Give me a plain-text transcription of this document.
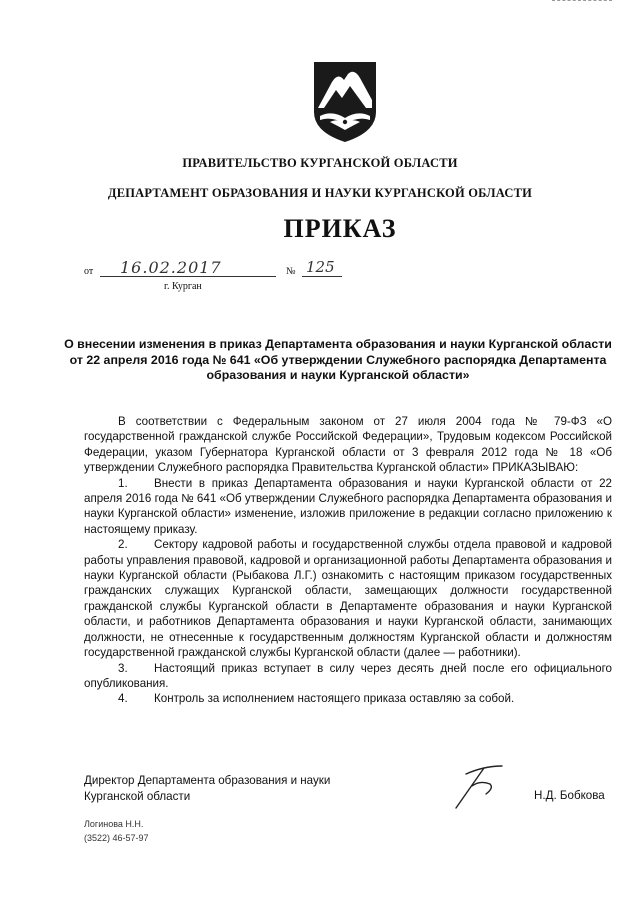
ПРАВИТЕЛЬСТВО КУРГАНСКОЙ ОБЛАСТИ
ДЕПАРТАМЕНТ ОБРАЗОВАНИЯ И НАУКИ КУРГАНСКОЙ ОБЛАСТИ
ПРИКАЗ
от 16.02.2017	№ 125
г. Курган
О внесении изменения в приказ Департамента образования и науки Курганской области от 22 апреля 2016 года № 641 «Об утверждении Служебного распорядка Департамента образования и науки Курганской области»

В соответствии с Федеральным законом от 27 июля 2004 года № 79-ФЗ «О государственной гражданской службе Российской Федерации», Трудовым кодексом Российской Федерации, указом Губернатора Курганской области от 3 февраля 2012 года № 18 «Об утверждении Служебного распорядка Правительства Курганской области» ПРИКАЗЫВАЮ:

1. Внести в приказ Департамента образования и науки Курганской области от 22 апреля 2016 года № 641 «Об утверждении Служебного распорядка Департамента образования и науки Курганской области» изменение, изложив приложение в редакции согласно приложению к настоящему приказу.

2. Сектору кадровой работы и государственной службы отдела правовой и кадровой работы управления правовой, кадровой и организационной работы Департамента образования и науки Курганской области (Рыбакова Л.Г.) ознакомить с настоящим приказом государственных гражданских служащих Курганской области, замещающих должности государственной гражданской службы Курганской области в Департаменте образования и науки Курганской области, и работников Департамента образования и науки Курганской области, занимающих должности, не отнесенные к государственным должностям Курганской области и должностям государственной гражданской службы Курганской области (далее — работники).

3. Настоящий приказ вступает в силу через десять дней после его официального опубликования.

4. Контроль за исполнением настоящего приказа оставляю за собой.

Директор Департамента образования и науки
Курганской области	Н.Д. Бобкова
Логинова Н.Н.
(3522) 46-57-97
